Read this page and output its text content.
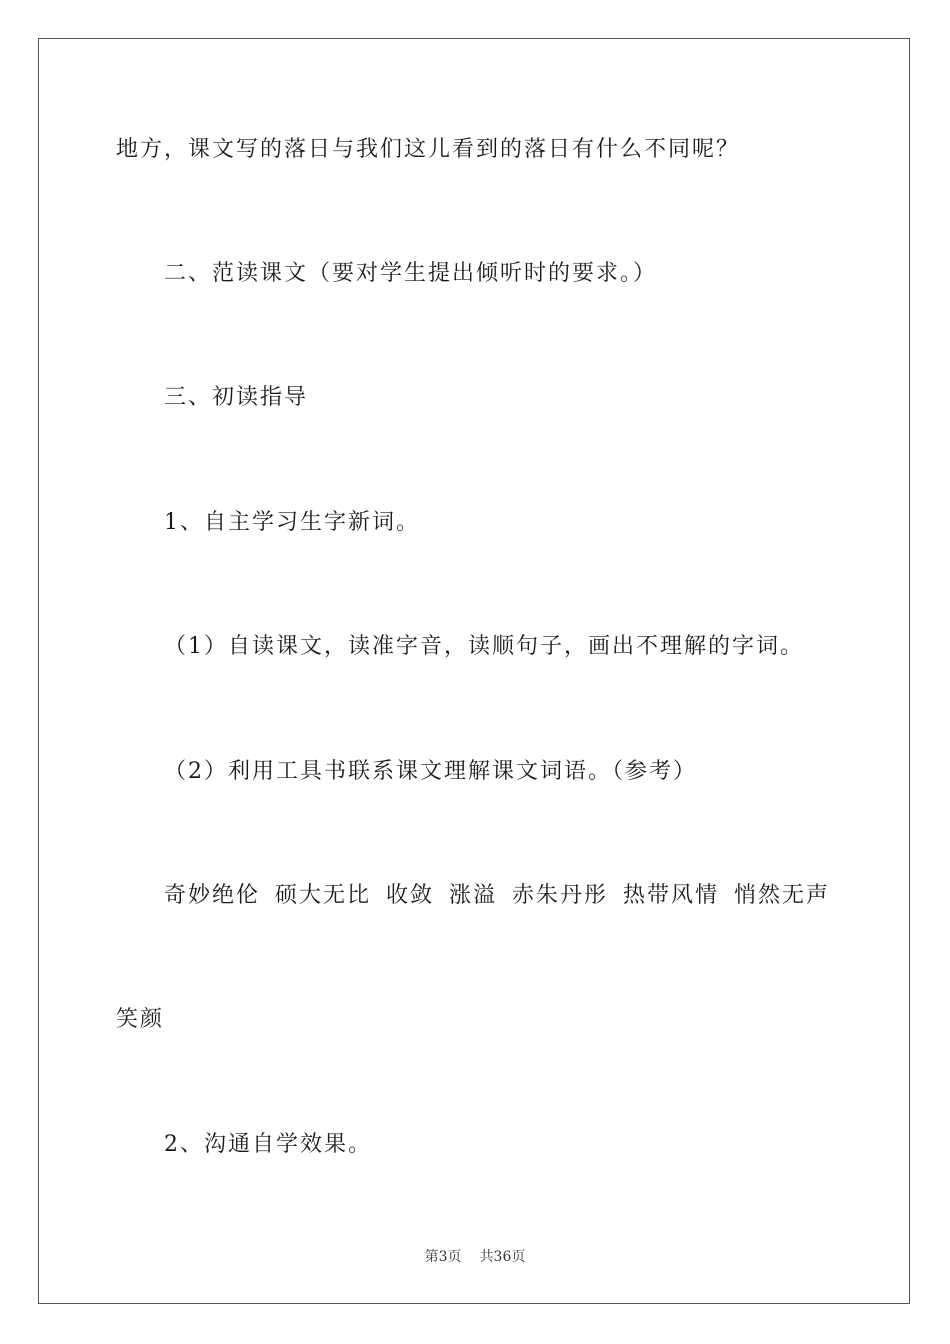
地方，课文写的落日与我们这儿看到的落日有什么不同呢？
二、范读课文（要对学生提出倾听时的要求。）
三、初读指导
1、自主学习生字新词。
（1）自读课文，读准字音，读顺句子，画出不理解的字词。
（2）利用工具书联系课文理解课文词语。（参考）
奇妙绝伦 硕大无比 收敛 涨溢 赤朱丹彤 热带风情 悄然无声
笑颜
2、沟通自学效果。
第3页 共36页
